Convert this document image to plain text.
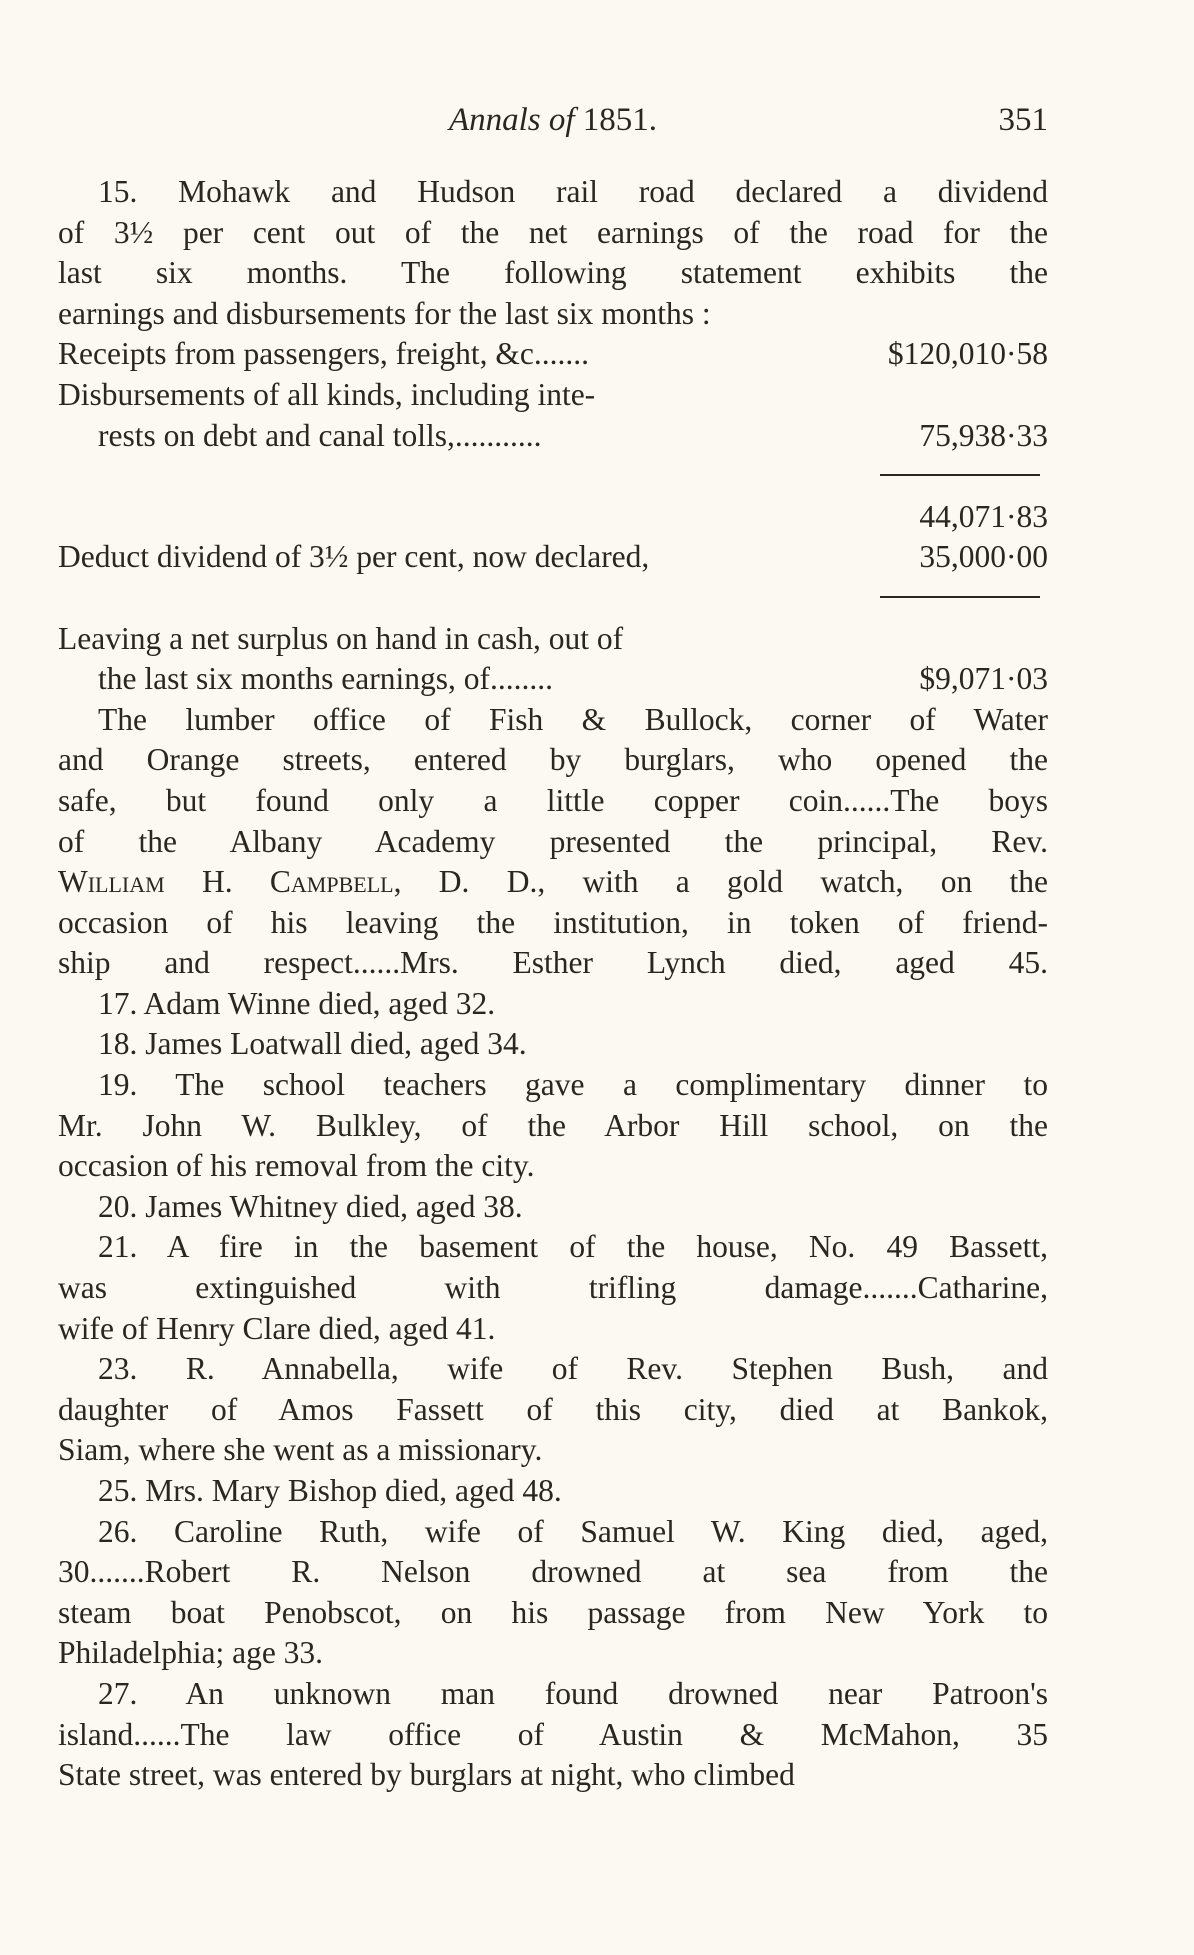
Annals of 1851.	351
15. Mohawk and Hudson rail road declared a dividend
of 3½ per cent out of the net earnings of the road for the
last six months. The following statement exhibits the
earnings and disbursements for the last six months :
Receipts from passengers, freight, &c.......	$120,010·58
Disbursements of all kinds, including inte-
rests on debt and canal tolls,...........	75,938·33
44,071·83
Deduct dividend of 3½ per cent, now declared,	35,000·00
Leaving a net surplus on hand in cash, out of
the last six months earnings, of........	$9,071·03
The lumber office of Fish & Bullock, corner of Water
and Orange streets, entered by burglars, who opened the
safe, but found only a little copper coin......The boys
of the Albany Academy presented the principal, Rev.
William H. Campbell, D. D., with a gold watch, on the
occasion of his leaving the institution, in token of friend-
ship and respect......Mrs. Esther Lynch died, aged 45.
17. Adam Winne died, aged 32.
18. James Loatwall died, aged 34.
19. The school teachers gave a complimentary dinner to
Mr. John W. Bulkley, of the Arbor Hill school, on the
occasion of his removal from the city.
20. James Whitney died, aged 38.
21. A fire in the basement of the house, No. 49 Bassett,
was extinguished with trifling damage.......Catharine,
wife of Henry Clare died, aged 41.
23. R. Annabella, wife of Rev. Stephen Bush, and
daughter of Amos Fassett of this city, died at Bankok,
Siam, where she went as a missionary.
25. Mrs. Mary Bishop died, aged 48.
26. Caroline Ruth, wife of Samuel W. King died, aged,
30.......Robert R. Nelson drowned at sea from the
steam boat Penobscot, on his passage from New York to
Philadelphia; age 33.
27. An unknown man found drowned near Patroon's
island......The law office of Austin & McMahon, 35
State street, was entered by burglars at night, who climbed
